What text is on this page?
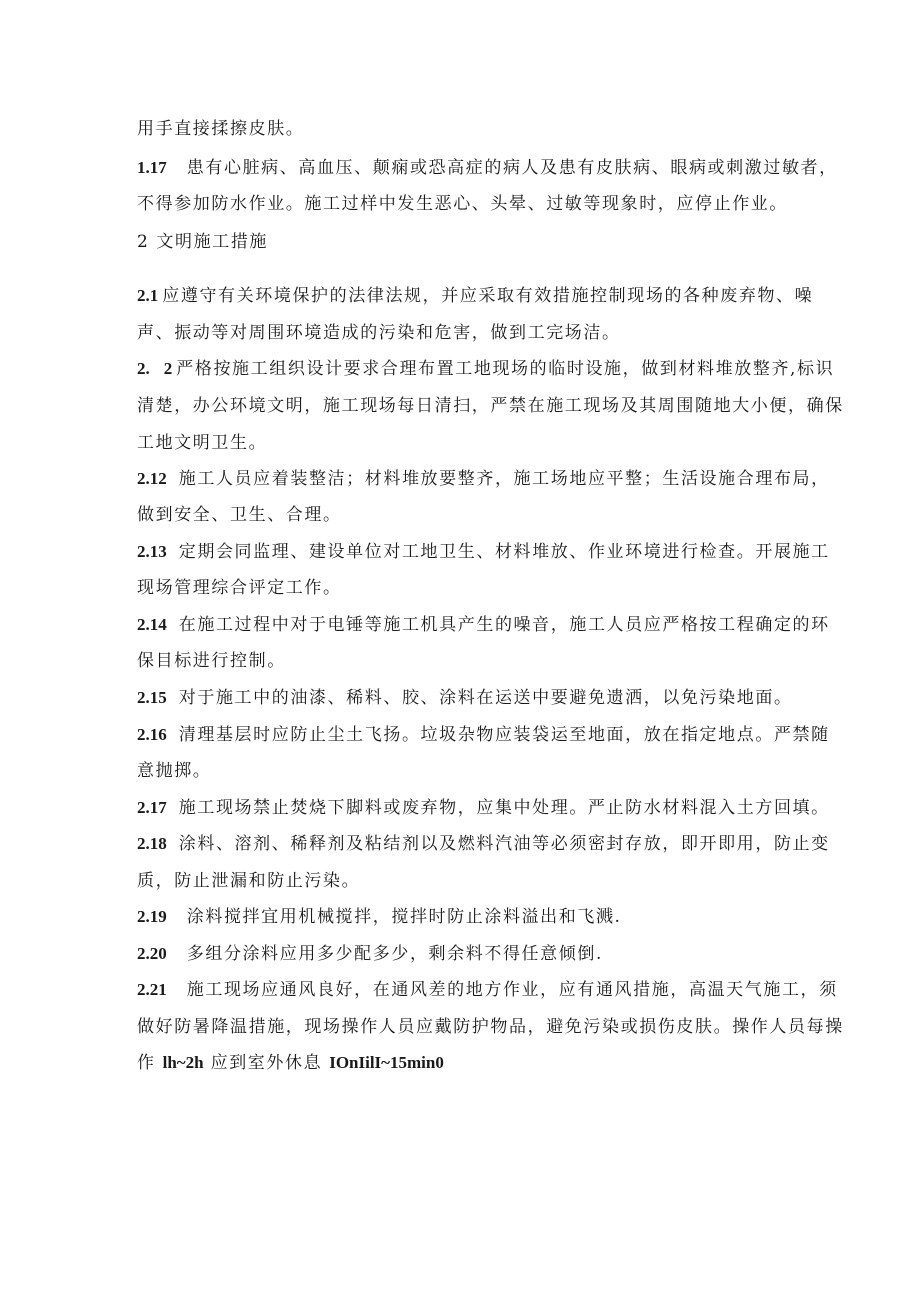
用手直接揉擦皮肤。
1.17 患有心脏病、高血压、颠痫或恐高症的病人及患有皮肤病、眼病或刺激过敏者，
不得参加防水作业。施工过样中发生恶心、头晕、过敏等现象时，应停止作业。
2 文明施工措施
2.1 应遵守有关环境保护的法律法规，并应采取有效措施控制现场的各种废弃物、噪
声、振动等对周围环境造成的污染和危害，做到工完场洁。
2. 2 严格按施工组织设计要求合理布置工地现场的临时设施，做到材料堆放整齐,标识
清楚，办公环境文明，施工现场每日清扫，严禁在施工现场及其周围随地大小便，确保
工地文明卫生。
2.12 施工人员应着装整洁；材料堆放要整齐，施工场地应平整；生活设施合理布局，
做到安全、卫生、合理。
2.13 定期会同监理、建设单位对工地卫生、材料堆放、作业环境进行检查。开展施工
现场管理综合评定工作。
2.14 在施工过程中对于电锤等施工机具产生的噪音，施工人员应严格按工程确定的环
保目标进行控制。
2.15 对于施工中的油漆、稀料、胶、涂料在运送中要避免遗洒，以免污染地面。
2.16 清理基层时应防止尘土飞扬。垃圾杂物应装袋运至地面，放在指定地点。严禁随
意抛掷。
2.17 施工现场禁止焚烧下脚料或废弃物，应集中处理。严止防水材料混入土方回填。
2.18 涂料、溶剂、稀释剂及粘结剂以及燃料汽油等必须密封存放，即开即用，防止变
质，防止泄漏和防止污染。
2.19 涂料搅拌宜用机械搅拌，搅拌时防止涂料溢出和飞溅.
2.20 多组分涂料应用多少配多少，剩余料不得任意倾倒.
2.21 施工现场应通风良好，在通风差的地方作业，应有通风措施，高温天气施工，须
做好防暑降温措施，现场操作人员应戴防护物品，避免污染或损伤皮肤。操作人员每操
作 lh~2h 应到室外休息 IOnIilI~15min0
